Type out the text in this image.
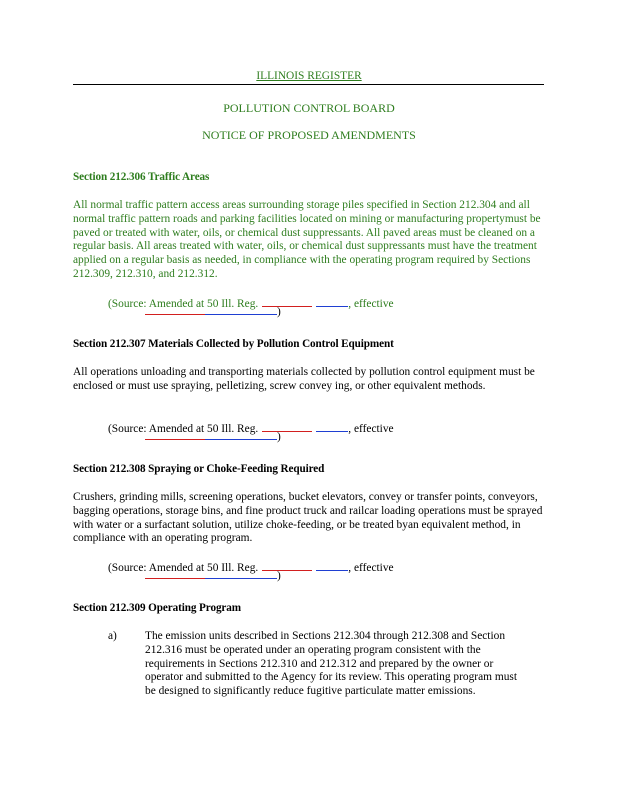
ILLINOIS REGISTER
POLLUTION CONTROL BOARD
NOTICE OF PROPOSED AMENDMENTS
Section 212.306 Traffic Areas
All normal traffic pattern access areas surrounding storage piles specified in Section 212.304 and all normal traffic pattern roads and parking facilities located on mining or manufacturing propertymust be paved or treated with water, oils, or chemical dust suppressants. All paved areas must be cleaned on a regular basis. All areas treated with water, oils, or chemical dust suppressants must have the treatment applied on a regular basis as needed, in compliance with the operating program required by Sections 212.309, 212.310, and 212.312.
(Source: Amended at 50 Ill. Reg.	, effective
)
Section 212.307 Materials Collected by Pollution Control Equipment
All operations unloading and transporting materials collected by pollution control equipment must be enclosed or must use spraying, pelletizing, screw convey ing, or other equivalent methods.
(Source: Amended at 50 Ill. Reg.	, effective
)
Section 212.308 Spraying or Choke-Feeding Required
Crushers, grinding mills, screening operations, bucket elevators, convey or transfer points, conveyors, bagging operations, storage bins, and fine product truck and railcar loading operations must be sprayed with water or a surfactant solution, utilize choke-feeding, or be treated byan equivalent method, in compliance with an operating program.
(Source: Amended at 50 Ill. Reg.	, effective
)
Section 212.309 Operating Program
a) The emission units described in Sections 212.304 through 212.308 and Section 212.316 must be operated under an operating program consistent with the requirements in Sections 212.310 and 212.312 and prepared by the owner or operator and submitted to the Agency for its review. This operating program must be designed to significantly reduce fugitive particulate matter emissions.
